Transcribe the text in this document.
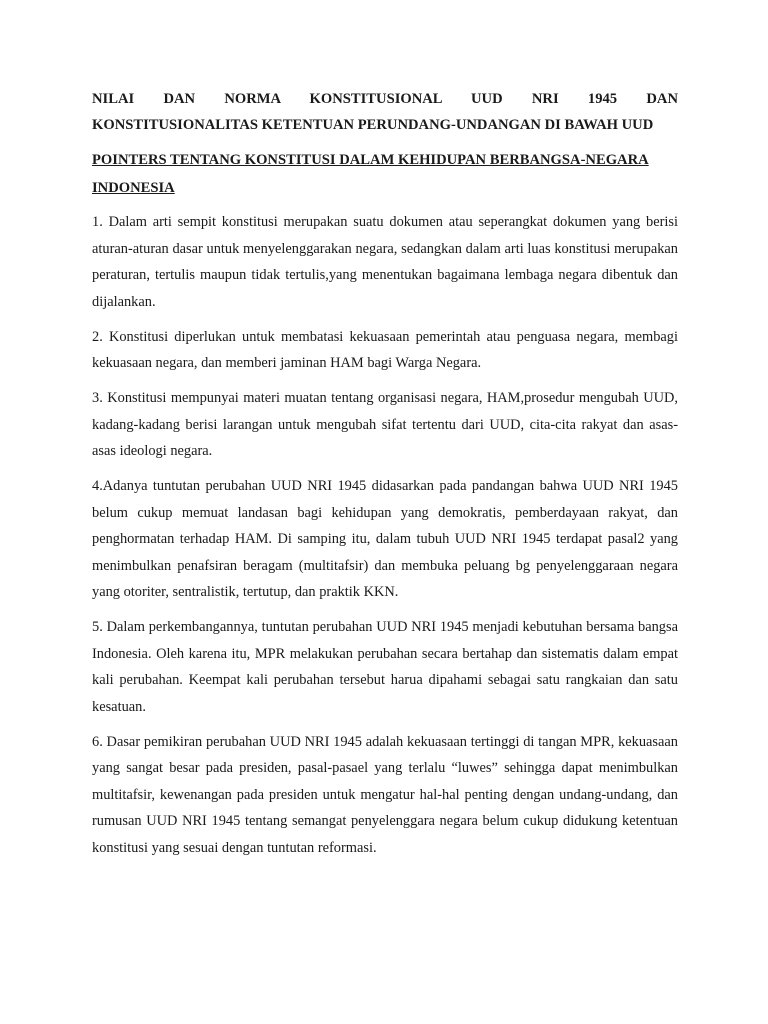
NILAI DAN NORMA KONSTITUSIONAL UUD NRI 1945 DAN
KONSTITUSIONALITAS KETENTUAN PERUNDANG-UNDANGAN DI BAWAH UUD
POINTERS TENTANG KONSTITUSI DALAM KEHIDUPAN BERBANGSA-NEGARA INDONESIA

1. Dalam arti sempit konstitusi merupakan suatu dokumen atau seperangkat dokumen yang berisi aturan-aturan dasar untuk menyelenggarakan negara, sedangkan dalam arti luas konstitusi merupakan peraturan, tertulis maupun tidak tertulis,yang menentukan bagaimana lembaga negara dibentuk dan dijalankan.

2. Konstitusi diperlukan untuk membatasi kekuasaan pemerintah atau penguasa negara, membagi kekuasaan negara, dan memberi jaminan HAM bagi Warga Negara.

3. Konstitusi mempunyai materi muatan tentang organisasi negara, HAM,prosedur mengubah UUD, kadang-kadang berisi larangan untuk mengubah sifat tertentu dari UUD, cita-cita rakyat dan asas-asas ideologi negara.

4.Adanya tuntutan perubahan UUD NRI 1945 didasarkan pada pandangan bahwa UUD NRI 1945 belum cukup memuat landasan bagi kehidupan yang demokratis, pemberdayaan rakyat, dan penghormatan terhadap HAM. Di samping itu, dalam tubuh UUD NRI 1945 terdapat pasal2 yang menimbulkan penafsiran beragam (multitafsir) dan membuka peluang bg penyelenggaraan negara yang otoriter, sentralistik, tertutup, dan praktik KKN.

5. Dalam perkembangannya, tuntutan perubahan UUD NRI 1945 menjadi kebutuhan bersama bangsa Indonesia. Oleh karena itu, MPR melakukan perubahan secara bertahap dan sistematis dalam empat kali perubahan. Keempat kali perubahan tersebut harua dipahami sebagai satu rangkaian dan satu kesatuan.

6. Dasar pemikiran perubahan UUD NRI 1945 adalah kekuasaan tertinggi di tangan MPR, kekuasaan yang sangat besar pada presiden, pasal-pasael yang terlalu “luwes” sehingga dapat menimbulkan multitafsir, kewenangan pada presiden untuk mengatur hal-hal penting dengan undang-undang, dan rumusan UUD NRI 1945 tentang semangat penyelenggara negara belum cukup didukung ketentuan konstitusi yang sesuai dengan tuntutan reformasi.
